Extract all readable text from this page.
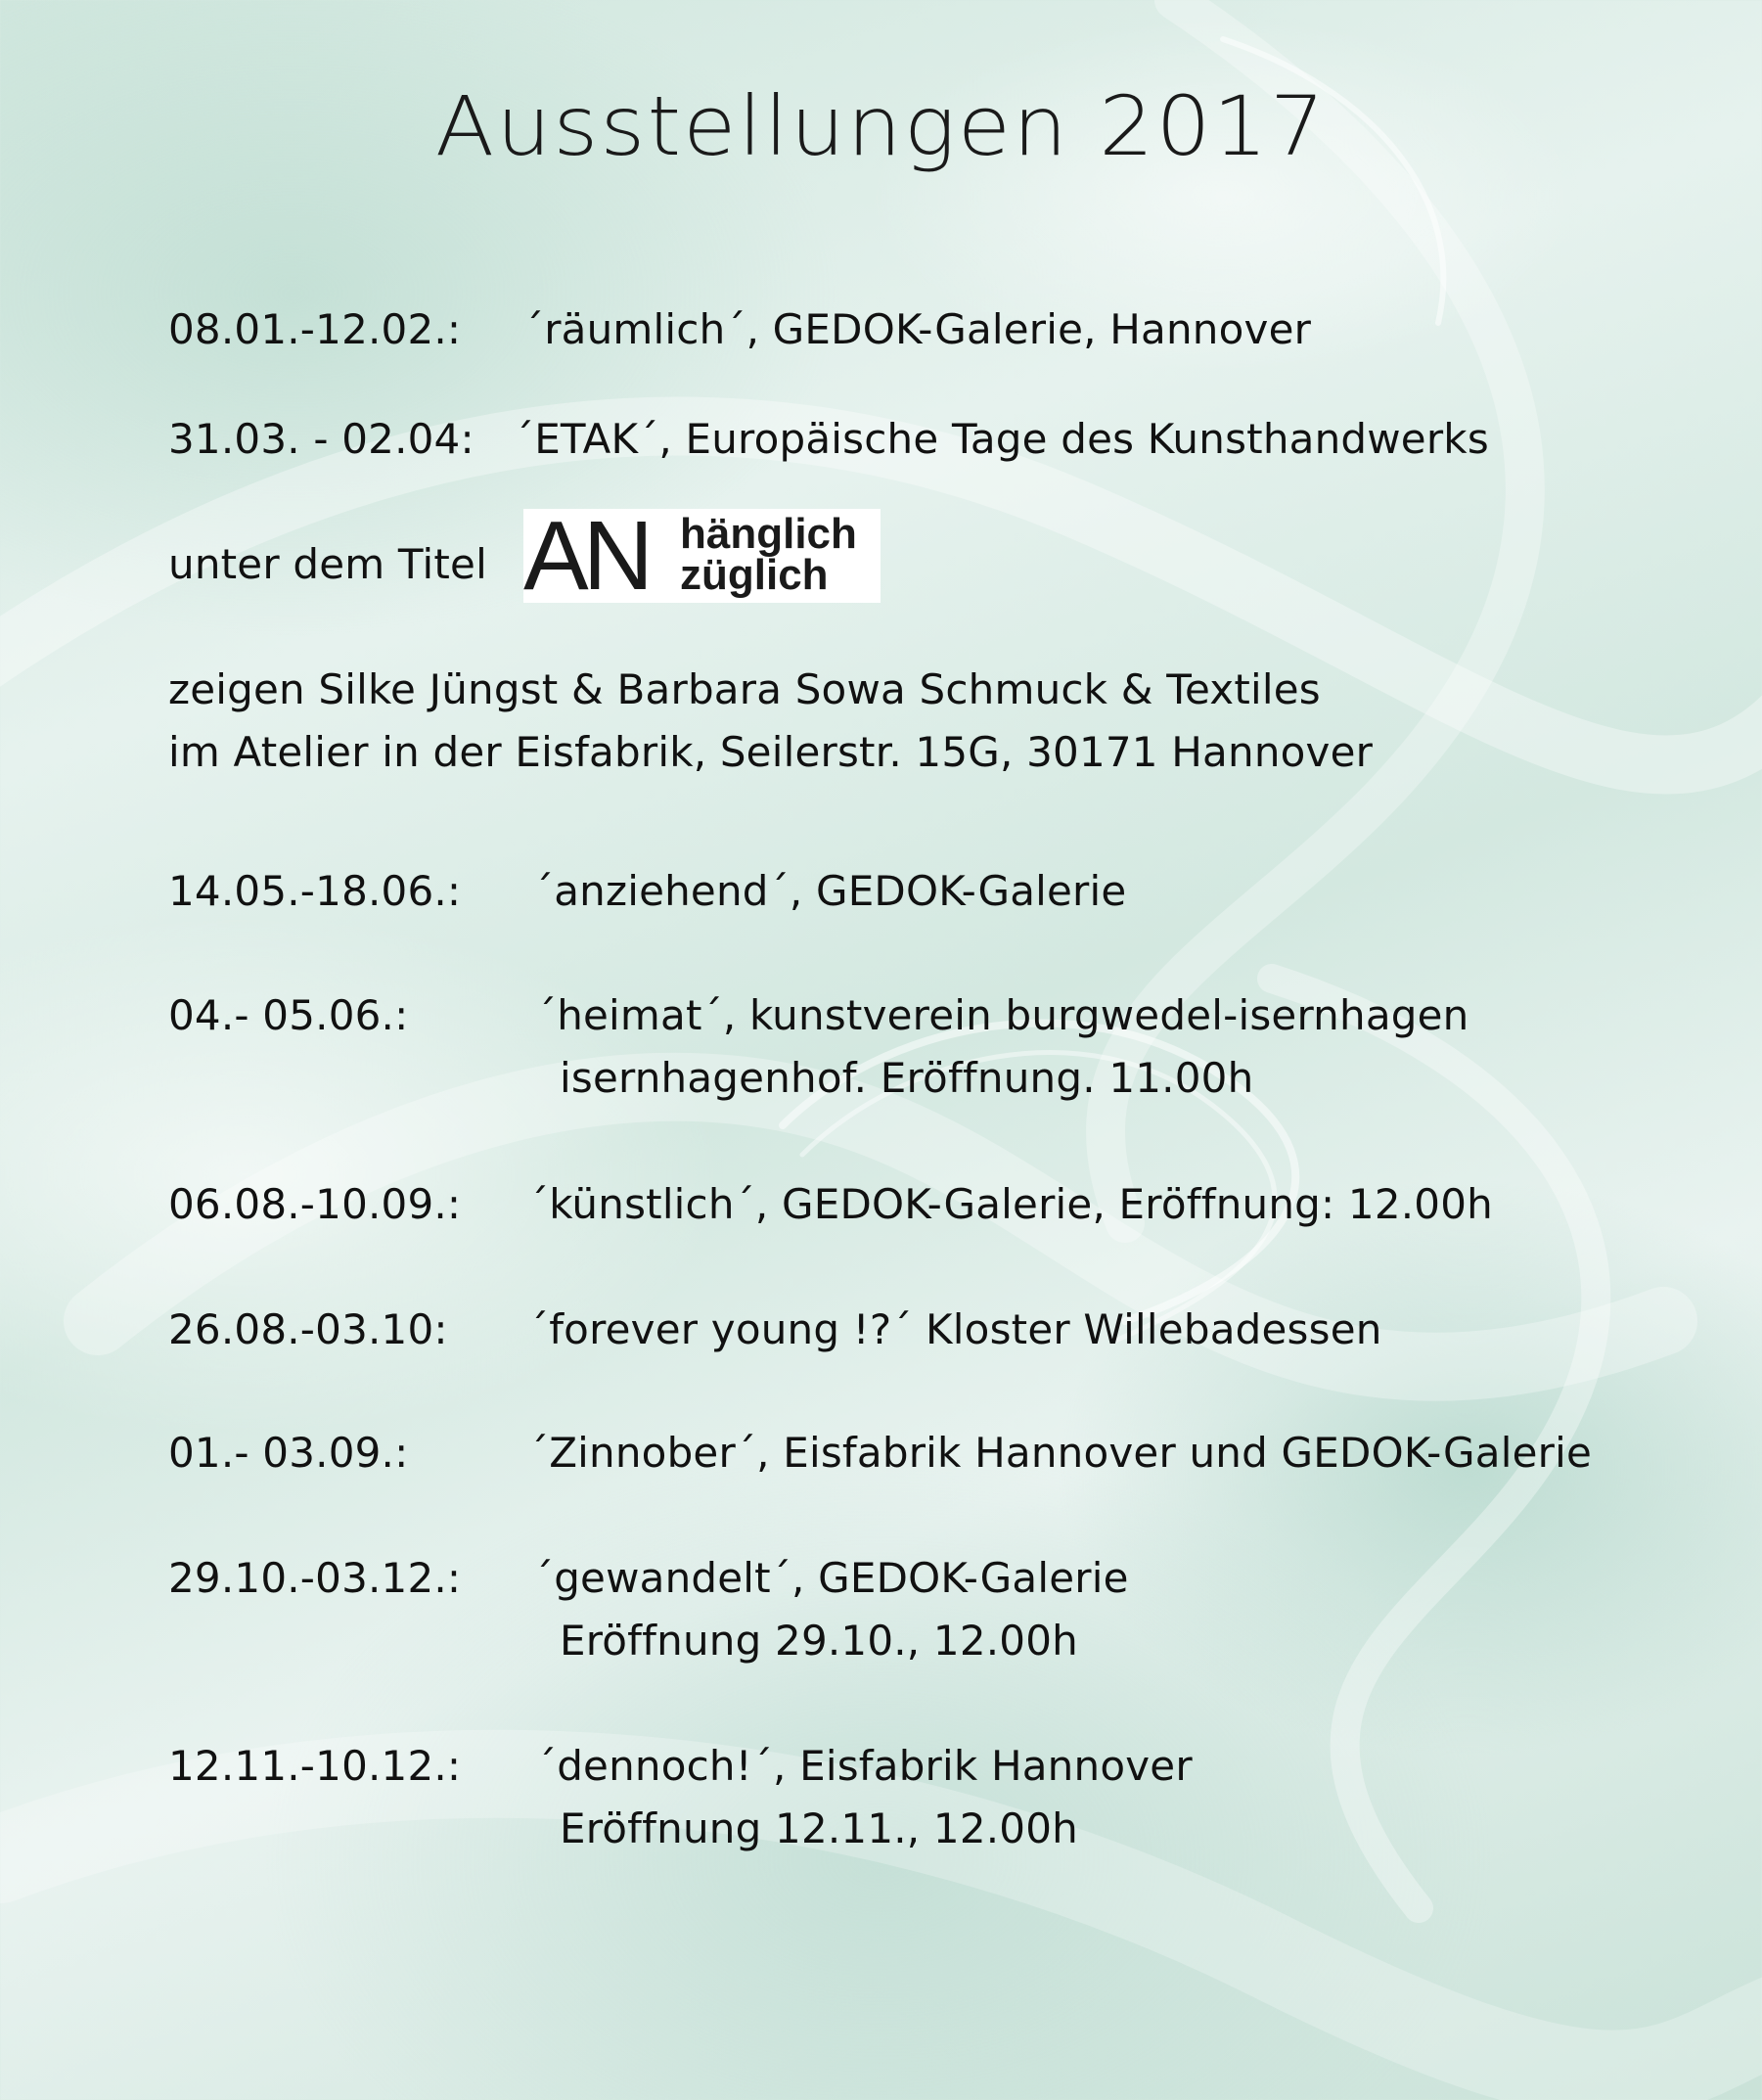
Ausstellungen 2017
08.01.-12.02.: ´räumlich´, GEDOK-Galerie, Hannover
31.03. - 02.04: ´ETAK´, Europäische Tage des Kunsthandwerks
unter dem Titel AN hänglich
züglich
zeigen Silke Jüngst & Barbara Sowa Schmuck & Textiles
im Atelier in der Eisfabrik, Seilerstr. 15G, 30171 Hannover
14.05.-18.06.: ´anziehend´, GEDOK-Galerie
04.- 05.06.:	´heimat´, kunstverein burgwedel-isernhagen
isernhagenhof. Eröffnung. 11.00h
06.08.-10.09.: ´künstlich´, GEDOK-Galerie, Eröffnung: 12.00h
26.08.-03.10: ´forever young !?´ Kloster Willebadessen
01.- 03.09.:	´Zinnober´, Eisfabrik Hannover und GEDOK-Galerie
29.10.-03.12.: ´gewandelt´, GEDOK-Galerie
Eröffnung 29.10., 12.00h
12.11.-10.12.: ´dennoch!´, Eisfabrik Hannover
Eröffnung 12.11., 12.00h
